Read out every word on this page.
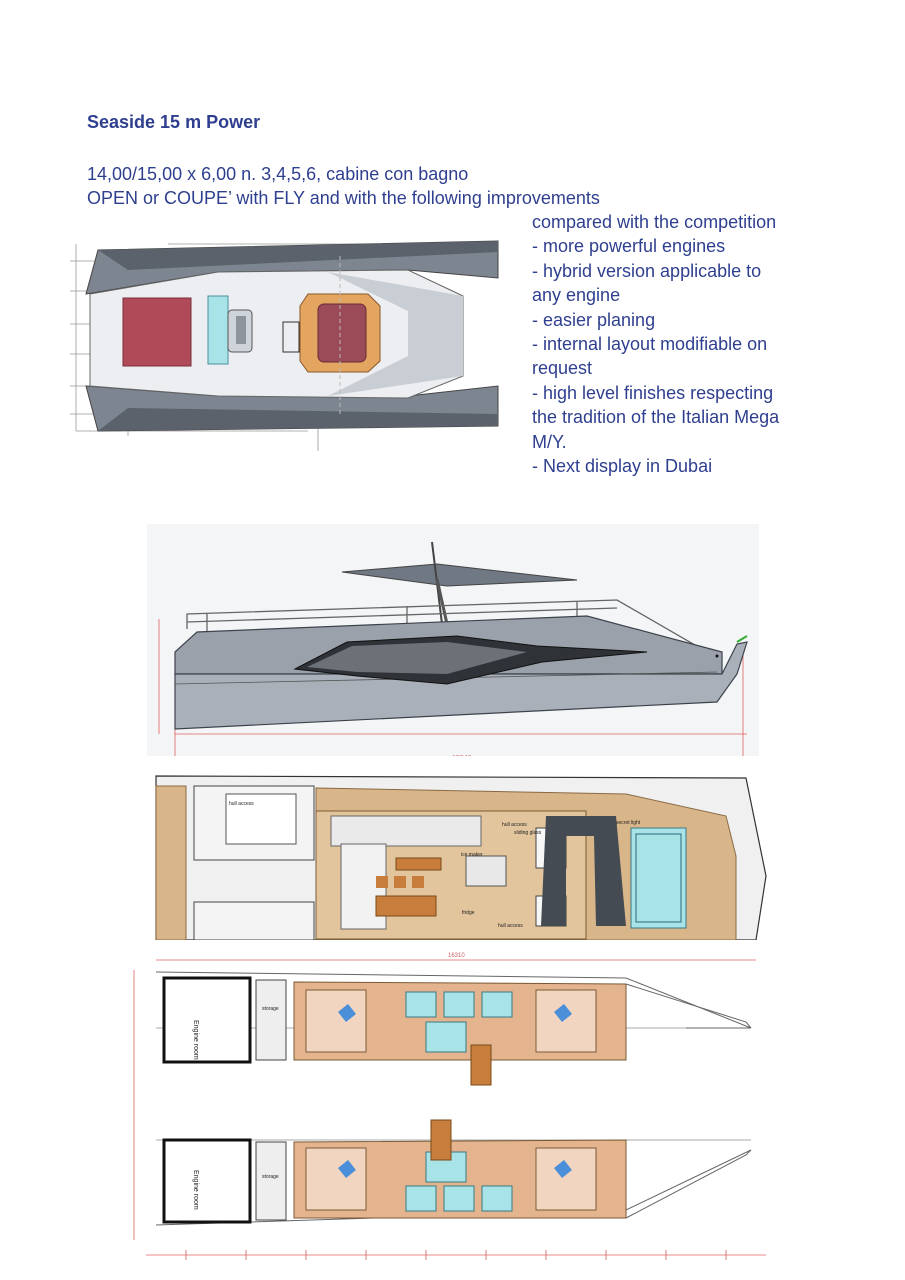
Seaside 15 m Power
14,00/15,00 x 6,00 n. 3,4,5,6, cabine con bagno
OPEN or COUPE’ with FLY and with the following improvements
compared with the competition
- more powerful engines
- hybrid version applicable to
any engine
- easier planing
- internal layout modifiable on
request
- high level finishes respecting
the tradition of the Italian Mega
M/Y.
- Next display in Dubai
sliding glass
hull access
hull access
hull access
ice maker
fridge
secret light
16310
Engine room
storage
Engine room	storage
